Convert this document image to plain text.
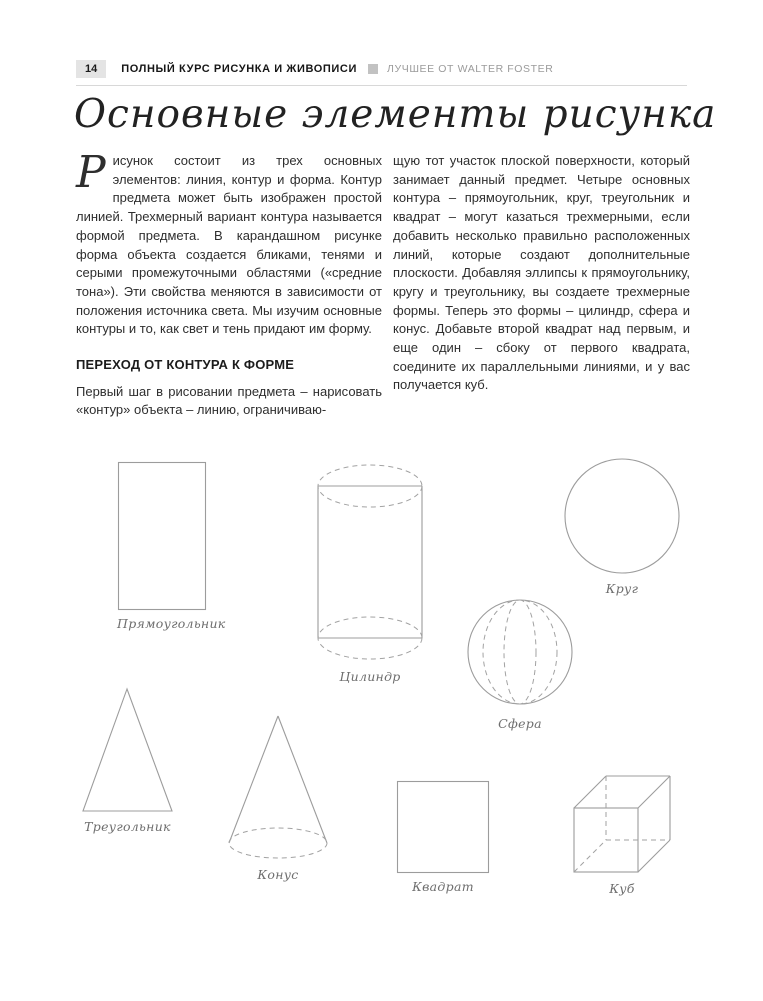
14	ПОЛНЫЙ КУРС РИСУНКА И ЖИВОПИСИ	ЛУЧШЕЕ ОТ WALTER FOSTER
Основные элементы рисунка

Рисунок состоит из трех основных элементов: линия, контур и форма. Контур предмета может быть изображен простой линией. Трехмерный вариант контура называется формой предмета. В карандашном рисунке форма объекта создается бликами, тенями и серыми промежуточными областями («средние тона»). Эти свойства меняются в зависимости от положения источника света. Мы изучим основные контуры и то, как свет и тень придают им форму.

ПЕРЕХОД ОТ КОНТУРА К ФОРМЕ

Первый шаг в рисовании предмета – нарисовать «контур» объекта – линию, ограничиваю-

щую тот участок плоской поверхности, который занимает данный предмет. Четыре основных контура – прямоугольник, круг, треугольник и квадрат – могут казаться трехмерными, если добавить несколько правильно расположенных линий, которые создают дополнительные плоскости. Добавляя эллипсы к прямоугольнику, кругу и треугольнику, вы создаете трехмерные формы. Теперь это формы – цилиндр, сфера и конус. Добавьте второй квадрат над первым, и еще один – сбоку от первого квадрата, соедините их параллельными линиями, и у вас получается куб.

Прямоугольник
Цилиндр
Круг
Сфера
Треугольник
Конус
Квадрат	Куб
